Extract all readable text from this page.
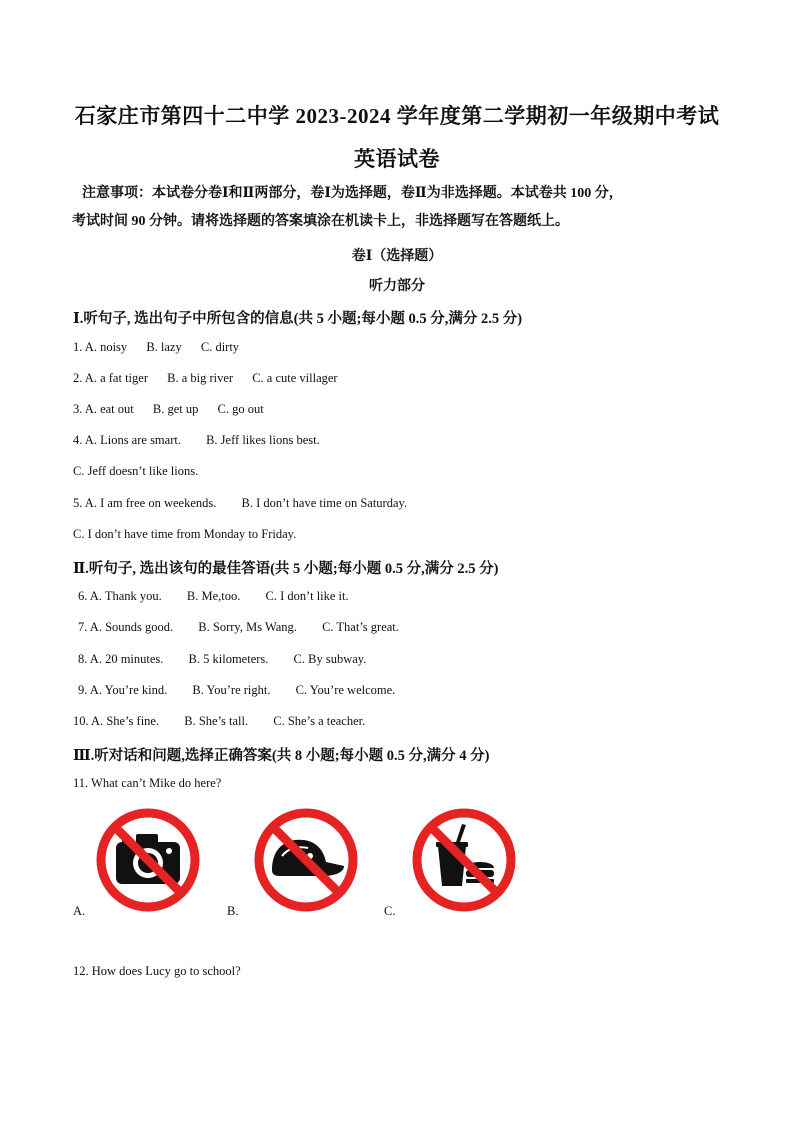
石家庄市第四十二中学 2023-2024 学年度第二学期初一年级期中考试
英语试卷
注意事项：本试卷分卷Ⅰ和Ⅱ两部分，卷Ⅰ为选择题，卷Ⅱ为非选择题。本试卷共 100 分，
考试时间 90 分钟。请将选择题的答案填涂在机读卡上，非选择题写在答题纸上。
卷Ⅰ（选择题）
听力部分
Ⅰ.听句子, 选出句子中所包含的信息(共 5 小题;每小题 0.5 分,满分 2.5 分)
1. A. noisy B. lazy C. dirty
2. A. a fat tiger B. a big river C. a cute villager
3. A. eat out B. get up C. go out
4. A. Lions are smart. B. Jeff likes lions best.
C. Jeff doesn’t like lions.
5. A. I am free on weekends. B. I don’t have time on Saturday.
C. I don’t have time from Monday to Friday.
Ⅱ.听句子, 选出该句的最佳答语(共 5 小题;每小题 0.5 分,满分 2.5 分)
6. A. Thank you. B. Me,too. C. I don’t like it.
7. A. Sounds good. B. Sorry, Ms Wang. C. That’s great.
8. A. 20 minutes. B. 5 kilometers. C. By subway.
9. A. You’re kind. B. You’re right. C. You’re welcome.
10. A. She’s fine. B. She’s tall. C. She’s a teacher.
Ⅲ.听对话和问题,选择正确答案(共 8 小题;每小题 0.5 分,满分 4 分)
11. What can’t Mike do here?
A.	B.	C.
12. How does Lucy go to school?
